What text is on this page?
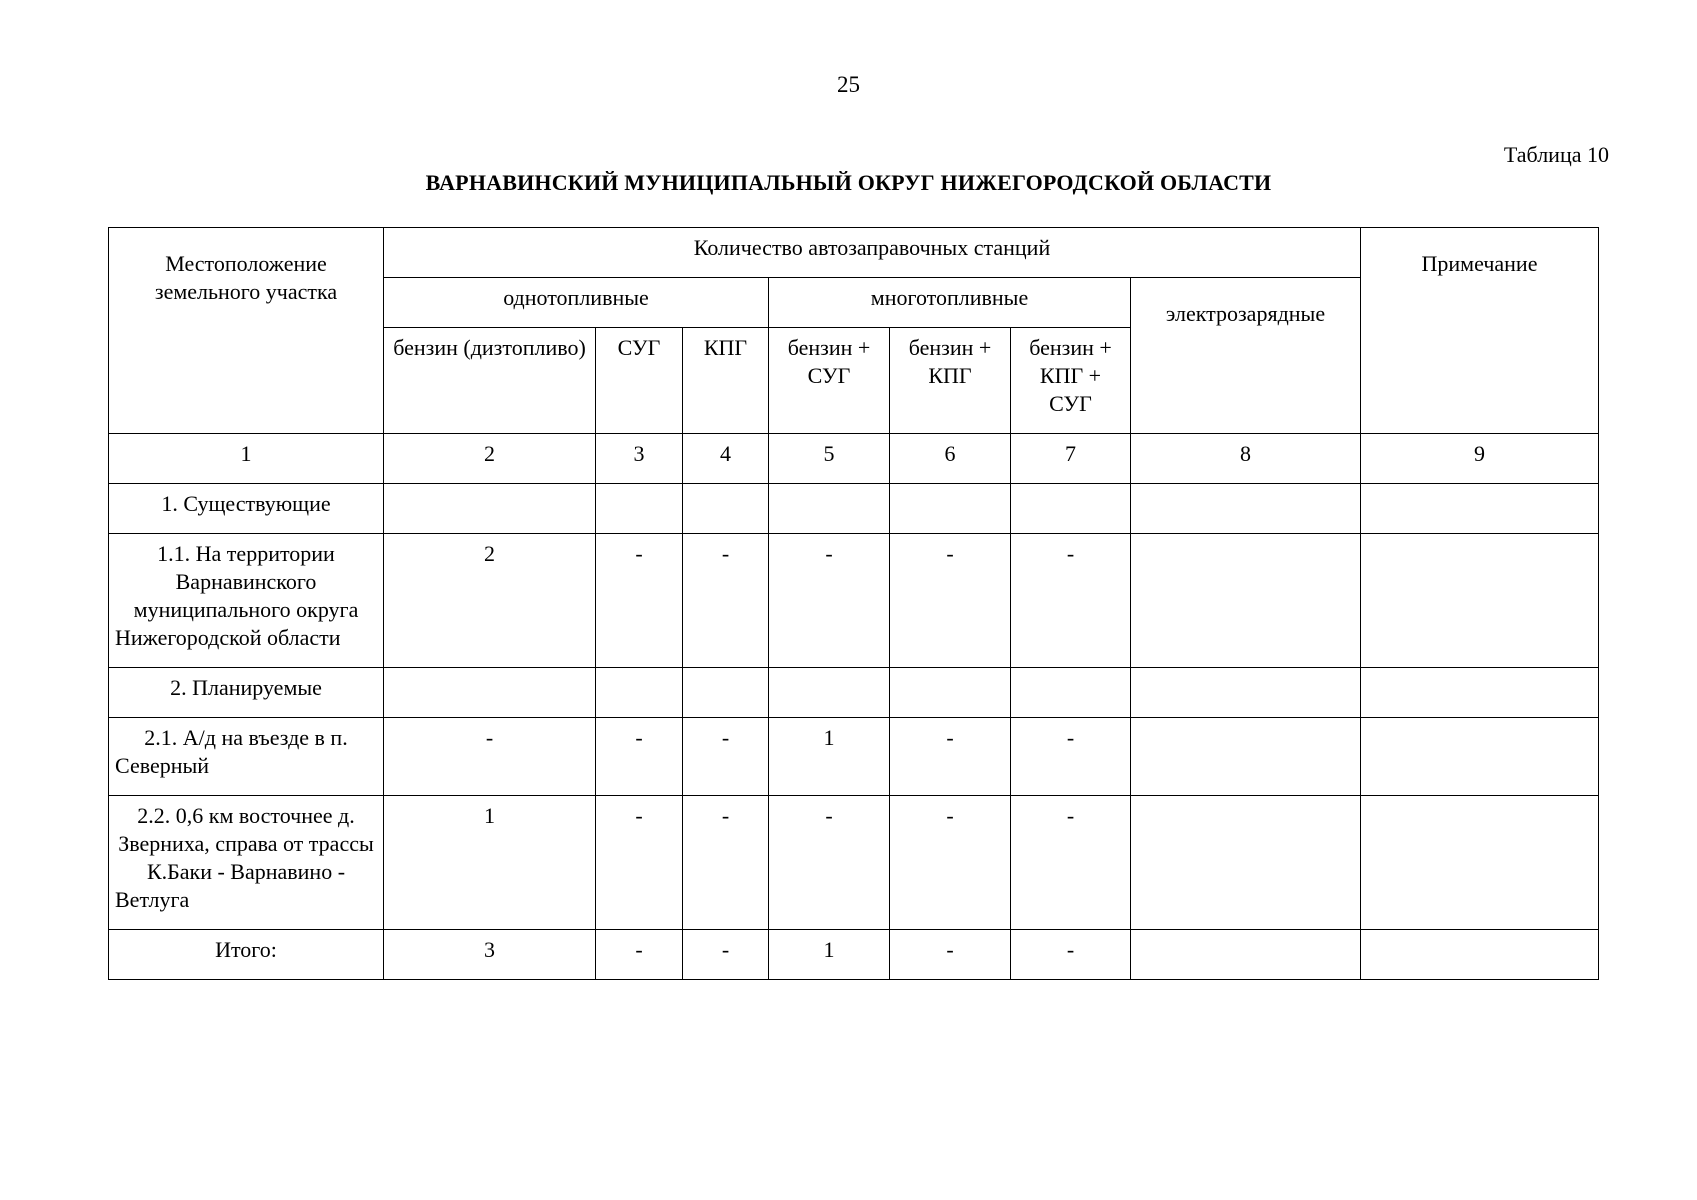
25
Таблица 10
ВАРНАВИНСКИЙ МУНИЦИПАЛЬНЫЙ ОКРУГ НИЖЕГОРОДСКОЙ ОБЛАСТИ
Местоположение земельного участка	Количество автозаправочных станций							Примечание
	однотопливные			многотопливные			электрозарядные	
	бензин (дизтопливо)	СУГ	КПГ	бензин + СУГ	бензин + КПГ	бензин + КПГ + СУГ		
1	2	3	4	5	6	7	8	9
1. Существующие								
1.1. На территории Варнавинского муниципального округа Нижегородской области	2	-	-	-	-	-		
2. Планируемые								
2.1. А/д на въезде в п. Северный	-	-	-	1	-	-		
2.2. 0,6 км восточнее д. Зверниха, справа от трассы К.Баки - Варнавино - Ветлуга	1	-	-	-	-	-		
Итого:	3	-	-	1	-	-		
